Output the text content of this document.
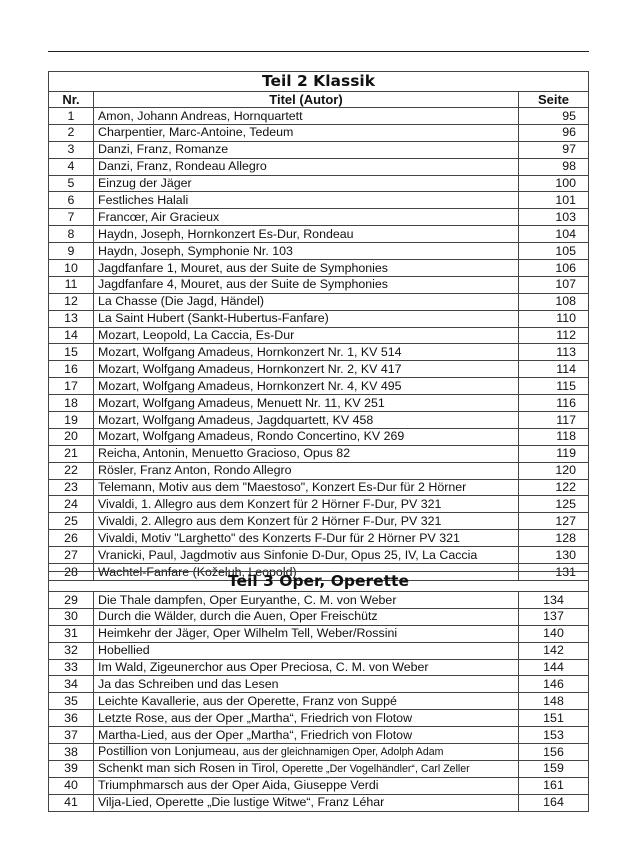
Teil 2 Klassik		
Nr.	Titel (Autor)	Seite
1	Amon, Johann Andreas, Hornquartett	95
2	Charpentier, Marc-Antoine, Tedeum	96
3	Danzi, Franz, Romanze	97
4	Danzi, Franz, Rondeau Allegro	98
5	Einzug der Jäger	100
6	Festliches Halali	101
7	Francœr, Air Gracieux	103
8	Haydn, Joseph, Hornkonzert Es-Dur, Rondeau	104
9	Haydn, Joseph, Symphonie Nr. 103	105
10	Jagdfanfare 1, Mouret, aus der Suite de Symphonies	106
11	Jagdfanfare 4, Mouret, aus der Suite de Symphonies	107
12	La Chasse (Die Jagd, Händel)	108
13	La Saint Hubert (Sankt-Hubertus-Fanfare)	110
14	Mozart, Leopold, La Caccia, Es-Dur	112
15	Mozart, Wolfgang Amadeus, Hornkonzert Nr. 1, KV 514	113
16	Mozart, Wolfgang Amadeus, Hornkonzert Nr. 2, KV 417	114
17	Mozart, Wolfgang Amadeus, Hornkonzert Nr. 4, KV 495	115
18	Mozart, Wolfgang Amadeus, Menuett Nr. 11, KV 251	116
19	Mozart, Wolfgang Amadeus, Jagdquartett, KV 458	117
20	Mozart, Wolfgang Amadeus, Rondo Concertino, KV 269	118
21	Reicha, Antonin, Menuetto Gracioso, Opus 82	119
22	Rösler, Franz Anton, Rondo Allegro	120
23	Telemann, Motiv aus dem "Maestoso", Konzert Es-Dur für 2 Hörner	122
24	Vivaldi, 1. Allegro aus dem Konzert für 2 Hörner F-Dur, PV 321	125
25	Vivaldi, 2. Allegro aus dem Konzert für 2 Hörner F-Dur, PV 321	127
26	Vivaldi, Motiv "Larghetto" des Konzerts F-Dur für 2 Hörner PV 321	128
27	Vranicki, Paul, Jagdmotiv aus Sinfonie D-Dur, Opus 25, IV, La Caccia	130
28	Wachtel-Fanfare (Koželuh, Leopold)	131
Teil 3 Oper, Operette		
29	Die Thale dampfen, Oper Euryanthe, C. M. von Weber	134
30	Durch die Wälder, durch die Auen, Oper Freischütz	137
31	Heimkehr der Jäger, Oper Wilhelm Tell, Weber/Rossini	140
32	Hobellied	142
33	Im Wald, Zigeunerchor aus Oper Preciosa, C. M. von Weber	144
34	Ja das Schreiben und das Lesen	146
35	Leichte Kavallerie, aus der Operette, Franz von Suppé	148
36	Letzte Rose, aus der Oper „Martha“, Friedrich von Flotow	151
37	Martha-Lied, aus der Oper „Martha“, Friedrich von Flotow	153
38	Postillion von Lonjumeau, aus der gleichnamigen Oper, Adolph Adam	156
39	Schenkt man sich Rosen in Tirol, Operette „Der Vogelhändler“, Carl Zeller	159
40	Triumphmarsch aus der Oper Aida, Giuseppe Verdi	161
41	Vilja-Lied, Operette „Die lustige Witwe“, Franz Léhar	164
